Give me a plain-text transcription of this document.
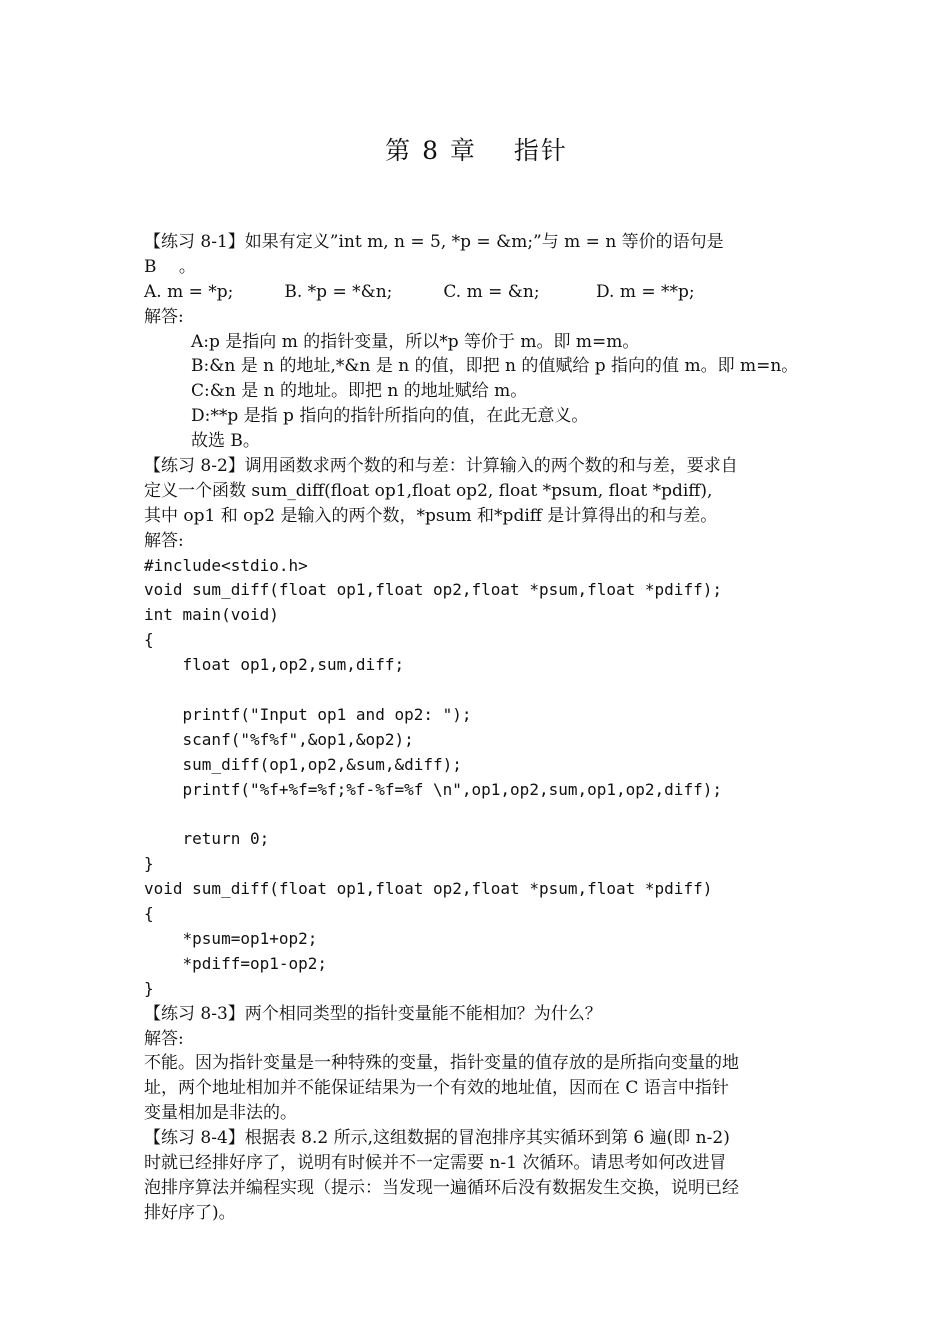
第 8 章　 指针
【练习 8-1】如果有定义”int m, n = 5, *p = &m;”与 m = n 等价的语句是
B　 。
A. m = *p;　　　B. *p = *&n;　　　C. m = &n;　　　 D. m = **p;
解答:
A:p 是指向 m 的指针变量，所以*p 等价于 m。即 m=m。
B:&n 是 n 的地址,*&n 是 n 的值，即把 n 的值赋给 p 指向的值 m。即 m=n。
C:&n 是 n 的地址。即把 n 的地址赋给 m。
D:**p 是指 p 指向的指针所指向的值，在此无意义。
故选 B。
【练习 8-2】调用函数求两个数的和与差：计算输入的两个数的和与差，要求自
定义一个函数 sum_diff(float op1,float op2, float *psum, float *pdiff),
其中 op1 和 op2 是输入的两个数，*psum 和*pdiff 是计算得出的和与差。
解答:
#include<stdio.h>
void sum_diff(float op1,float op2,float *psum,float *pdiff);
int main(void)
{
float op1,op2,sum,diff;
printf("Input op1 and op2: ");
scanf("%f%f",&op1,&op2);
sum_diff(op1,op2,&sum,&diff);
printf("%f+%f=%f;%f-%f=%f \n",op1,op2,sum,op1,op2,diff);
return 0;
}
void sum_diff(float op1,float op2,float *psum,float *pdiff)
{
*psum=op1+op2;
*pdiff=op1-op2;
}
【练习 8-3】两个相同类型的指针变量能不能相加？为什么？
解答:
不能。因为指针变量是一种特殊的变量，指针变量的值存放的是所指向变量的地
址，两个地址相加并不能保证结果为一个有效的地址值，因而在 C 语言中指针
变量相加是非法的。
【练习 8-4】根据表 8.2 所示,这组数据的冒泡排序其实循环到第 6 遍(即 n-2)
时就已经排好序了，说明有时候并不一定需要 n-1 次循环。请思考如何改进冒
泡排序算法并编程实现（提示：当发现一遍循环后没有数据发生交换，说明已经
排好序了)。
